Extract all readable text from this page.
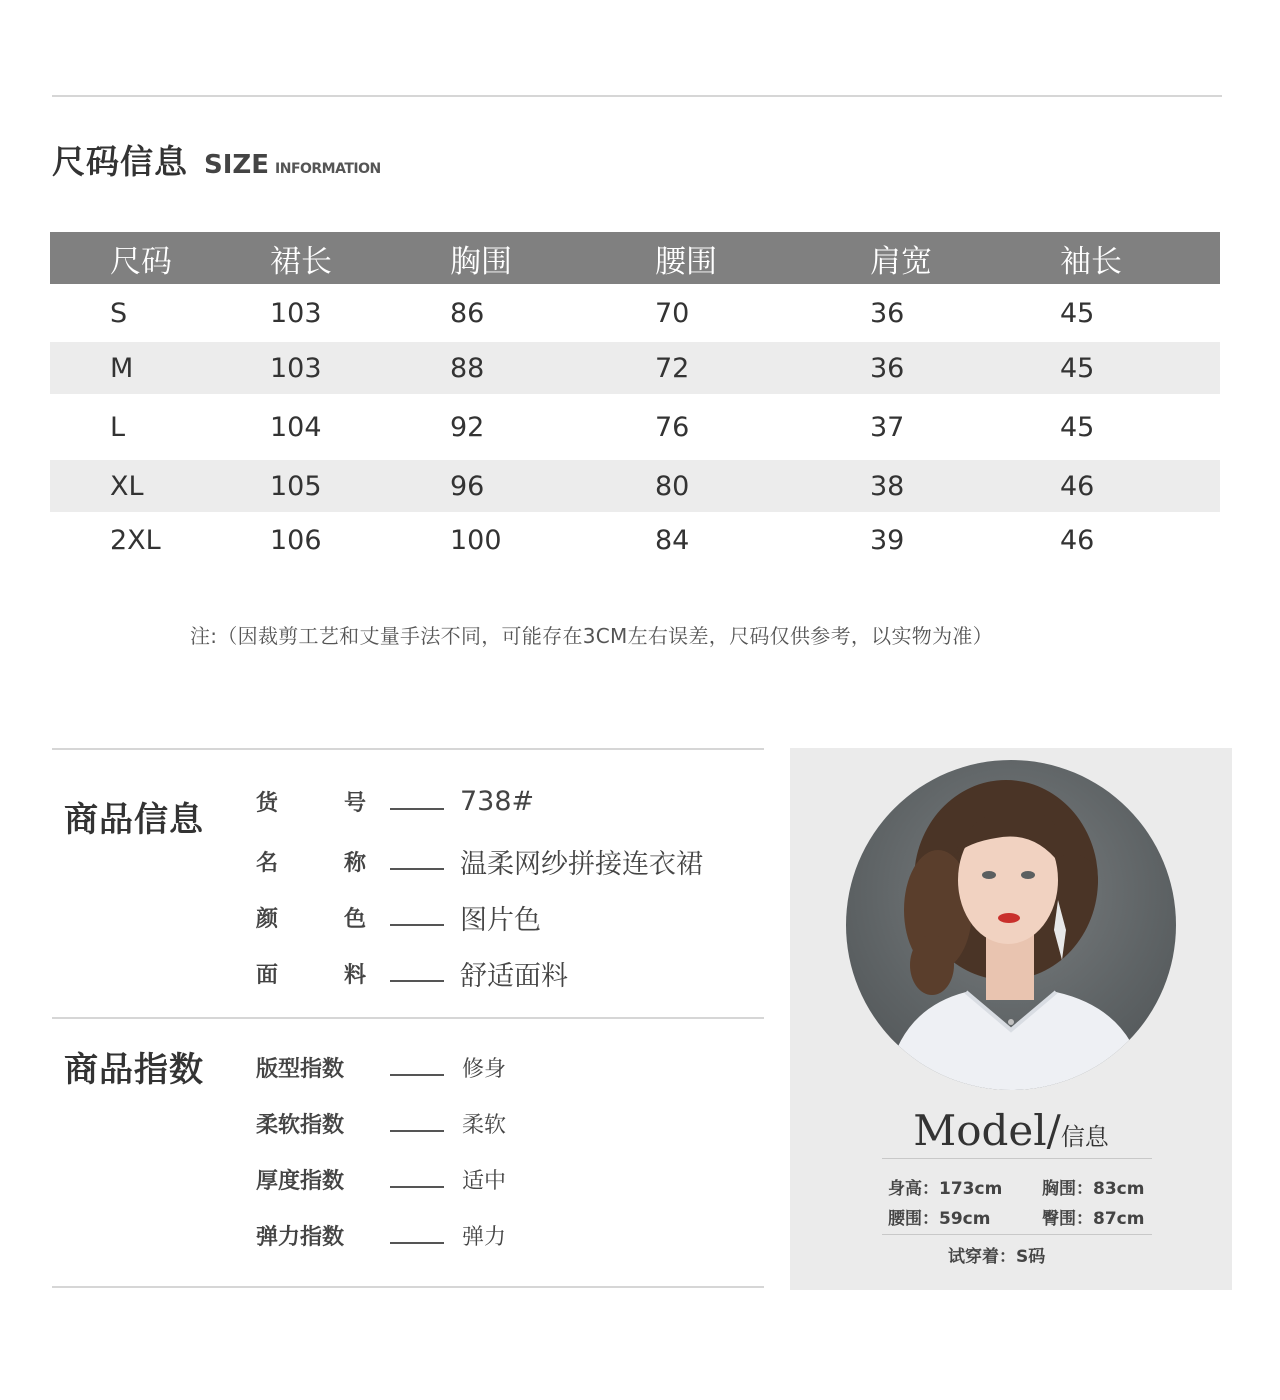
尺码信息 SIZE INFORMATION
尺码	裙长	胸围	腰围	肩宽	袖长
S	103	86	70	36	45
M	103	88	72	36	45
L	104	92	76	37	45
XL	105	96	80	38	46
2XL	106	100	84	39	46
注:（因裁剪工艺和丈量手法不同，可能存在3CM左右误差，尺码仅供参考，以实物为准）
商品信息 货	号	738#
名	称	温柔网纱拼接连衣裙
颜	色	图片色
面	料	舒适面料
商品指数 版型指数	修身
柔软指数	柔软
厚度指数	适中
弹力指数	弹力
Model/信息
身高：173cm 胸围：83cm
腰围：59cm	臀围：87cm
试穿着：S码
